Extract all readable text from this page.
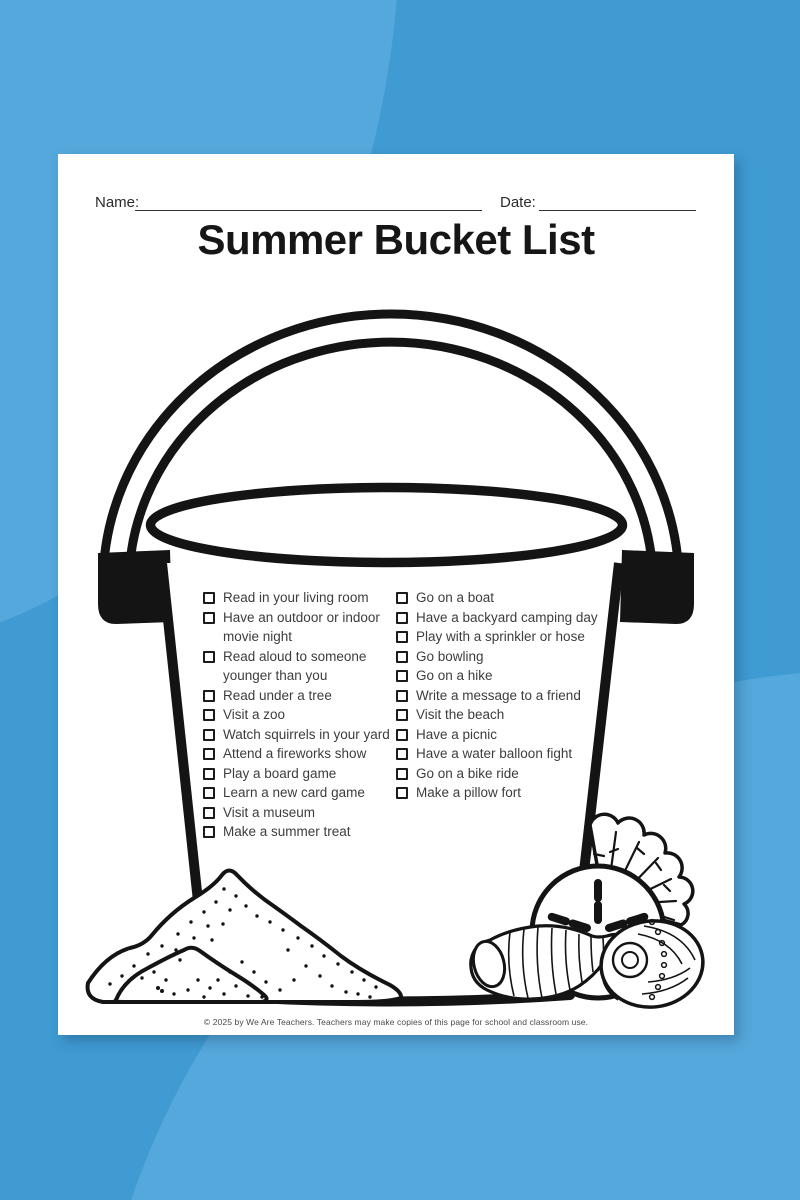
Name:	Date:
Summer Bucket List
Read in your living room
Have an outdoor or indoor movie night
Read aloud to someone younger than you
Read under a tree
Visit a zoo
Watch squirrels in your yard
Attend a fireworks show
Play a board game
Learn a new card game
Visit a museum
Make a summer treat
Go on a boat
Have a backyard camping day
Play with a sprinkler or hose
Go bowling
Go on a hike
Write a message to a friend
Visit the beach
Have a picnic
Have a water balloon fight
Go on a bike ride
Make a pillow fort
© 2025 by We Are Teachers. Teachers may make copies of this page for school and classroom use.
